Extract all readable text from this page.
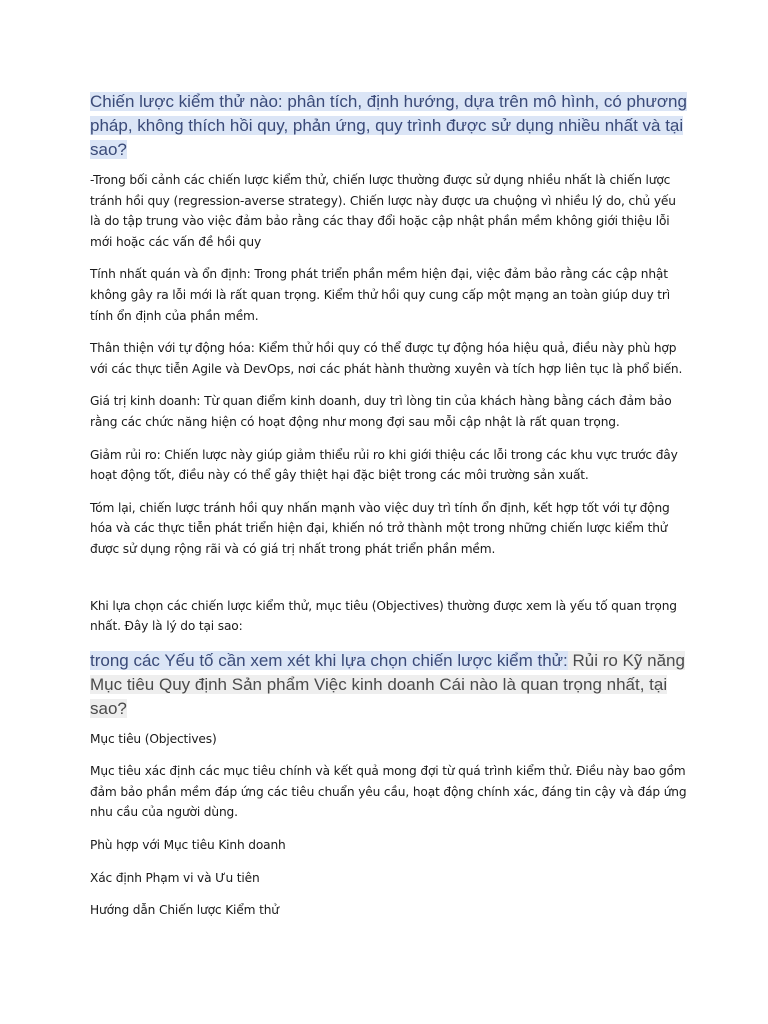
Chiến lược kiểm thử nào: phân tích, định hướng, dựa trên mô hình, có phương pháp, không thích hồi quy, phản ứng, quy trình được sử dụng nhiều nhất và tại sao?

-Trong bối cảnh các chiến lược kiểm thử, chiến lược thường được sử dụng nhiều nhất là chiến lược tránh hồi quy (regression-averse strategy). Chiến lược này được ưa chuộng vì nhiều lý do, chủ yếu là do tập trung vào việc đảm bảo rằng các thay đổi hoặc cập nhật phần mềm không giới thiệu lỗi mới hoặc các vấn đề hồi quy

Tính nhất quán và ổn định: Trong phát triển phần mềm hiện đại, việc đảm bảo rằng các cập nhật không gây ra lỗi mới là rất quan trọng. Kiểm thử hồi quy cung cấp một mạng an toàn giúp duy trì tính ổn định của phần mềm.

Thân thiện với tự động hóa: Kiểm thử hồi quy có thể được tự động hóa hiệu quả, điều này phù hợp với các thực tiễn Agile và DevOps, nơi các phát hành thường xuyên và tích hợp liên tục là phổ biến.

Giá trị kinh doanh: Từ quan điểm kinh doanh, duy trì lòng tin của khách hàng bằng cách đảm bảo rằng các chức năng hiện có hoạt động như mong đợi sau mỗi cập nhật là rất quan trọng.

Giảm rủi ro: Chiến lược này giúp giảm thiểu rủi ro khi giới thiệu các lỗi trong các khu vực trước đây hoạt động tốt, điều này có thể gây thiệt hại đặc biệt trong các môi trường sản xuất.

Tóm lại, chiến lược tránh hồi quy nhấn mạnh vào việc duy trì tính ổn định, kết hợp tốt với tự động hóa và các thực tiễn phát triển hiện đại, khiến nó trở thành một trong những chiến lược kiểm thử được sử dụng rộng rãi và có giá trị nhất trong phát triển phần mềm.

Khi lựa chọn các chiến lược kiểm thử, mục tiêu (Objectives) thường được xem là yếu tố quan trọng nhất. Đây là lý do tại sao:

trong các Yếu tố cần xem xét khi lựa chọn chiến lược kiểm thử: Rủi ro Kỹ năng Mục tiêu Quy định Sản phẩm Việc kinh doanh Cái nào là quan trọng nhất, tại sao?

Mục tiêu (Objectives)

Mục tiêu xác định các mục tiêu chính và kết quả mong đợi từ quá trình kiểm thử. Điều này bao gồm đảm bảo phần mềm đáp ứng các tiêu chuẩn yêu cầu, hoạt động chính xác, đáng tin cậy và đáp ứng nhu cầu của người dùng.

Phù hợp với Mục tiêu Kinh doanh

Xác định Phạm vi và Ưu tiên

Hướng dẫn Chiến lược Kiểm thử
